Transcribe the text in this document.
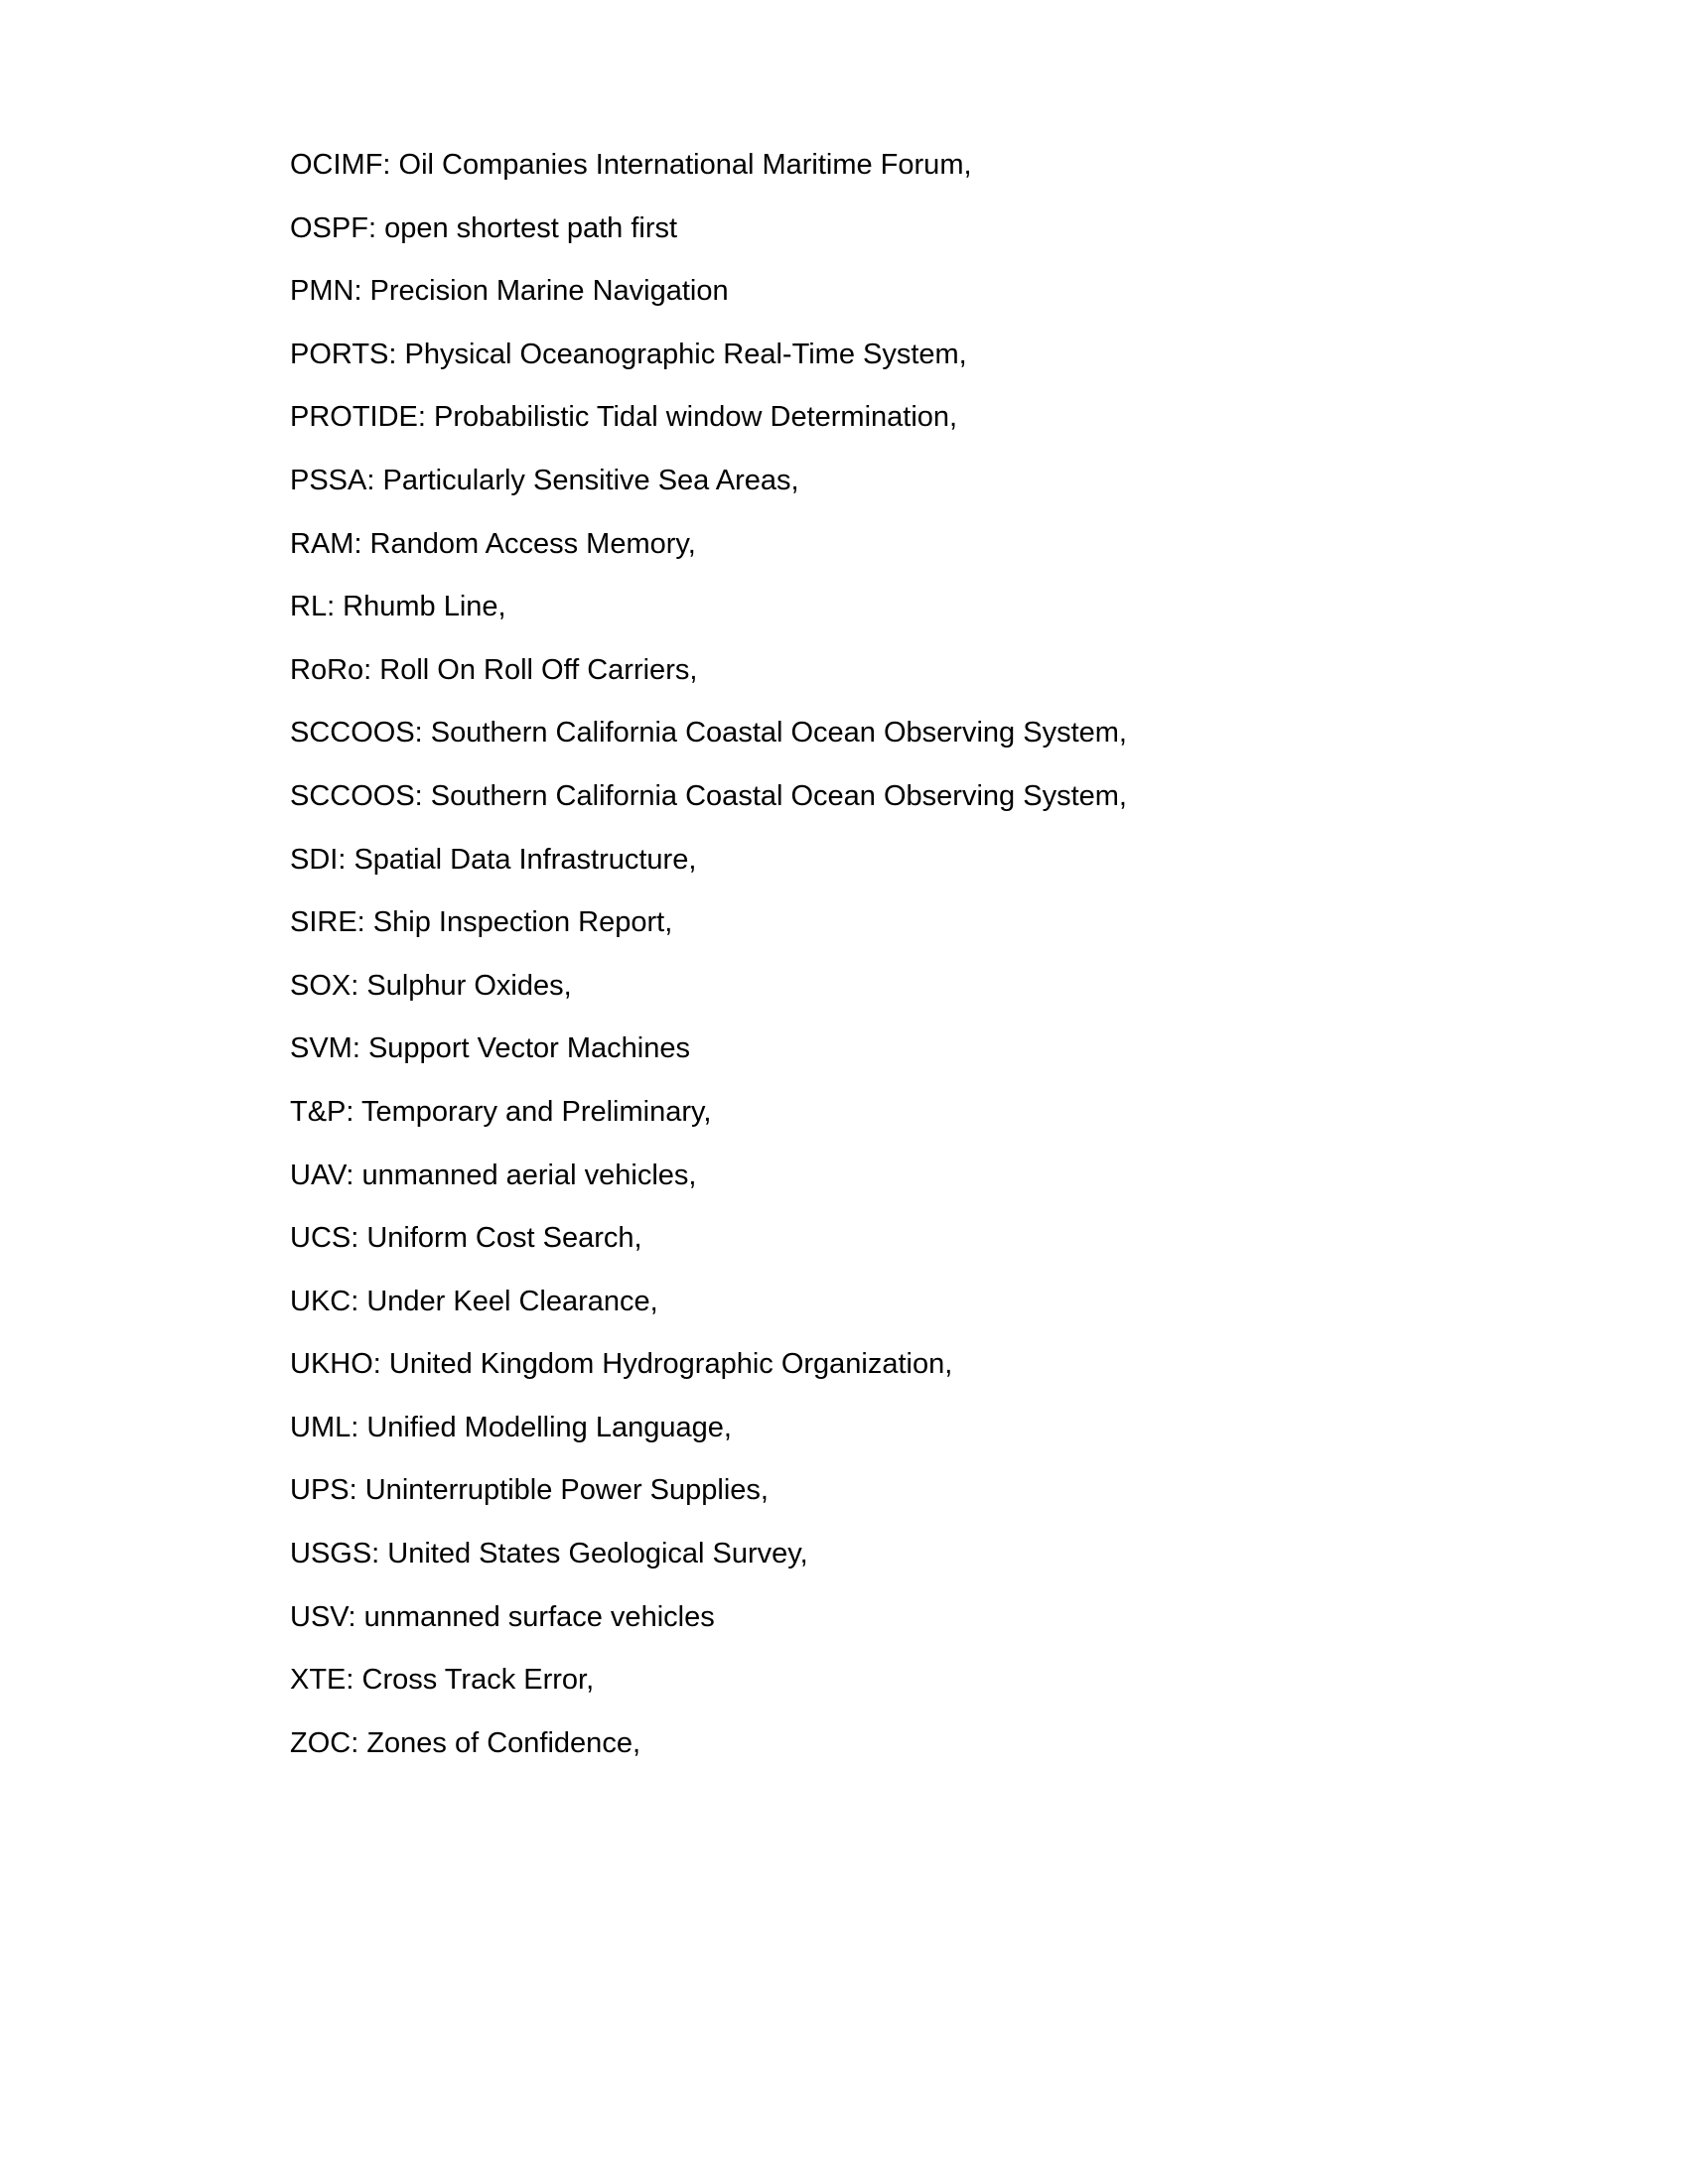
OCIMF: Oil Companies International Maritime Forum,
OSPF: open shortest path first
PMN: Precision Marine Navigation
PORTS: Physical Oceanographic Real-Time System,
PROTIDE: Probabilistic Tidal window Determination,
PSSA: Particularly Sensitive Sea Areas,
RAM: Random Access Memory,
RL: Rhumb Line,
RoRo: Roll On Roll Off Carriers,
SCCOOS: Southern California Coastal Ocean Observing System,
SCCOOS: Southern California Coastal Ocean Observing System,
SDI: Spatial Data Infrastructure,
SIRE: Ship Inspection Report,
SOX: Sulphur Oxides,
SVM: Support Vector Machines
T&P: Temporary and Preliminary,
UAV: unmanned aerial vehicles,
UCS: Uniform Cost Search,
UKC: Under Keel Clearance,
UKHO: United Kingdom Hydrographic Organization,
UML: Unified Modelling Language,
UPS: Uninterruptible Power Supplies,
USGS: United States Geological Survey,
USV: unmanned surface vehicles
XTE: Cross Track Error,
ZOC: Zones of Confidence,
